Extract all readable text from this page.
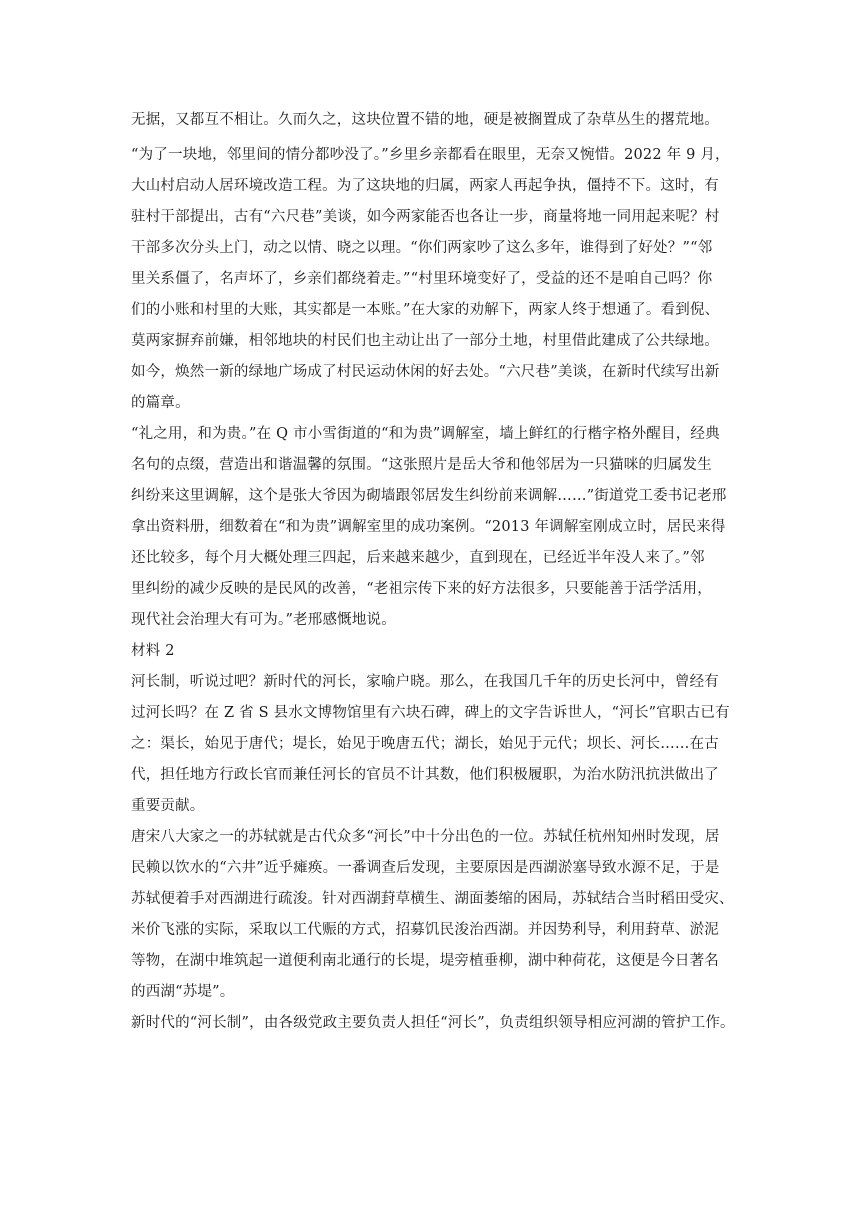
无据，又都互不相让。久而久之，这块位置不错的地，硬是被搁置成了杂草丛生的撂荒地。
“为了一块地，邻里间的情分都吵没了。”乡里乡亲都看在眼里，无奈又惋惜。2022 年 9 月，
大山村启动人居环境改造工程。为了这块地的归属，两家人再起争执，僵持不下。这时，有
驻村干部提出，古有“六尺巷”美谈，如今两家能否也各让一步，商量将地一同用起来呢？村
干部多次分头上门，动之以情、晓之以理。“你们两家吵了这么多年，谁得到了好处？”“邻
里关系僵了，名声坏了，乡亲们都绕着走。”“村里环境变好了，受益的还不是咱自己吗？你
们的小账和村里的大账，其实都是一本账。”在大家的劝解下，两家人终于想通了。看到倪、
莫两家摒弃前嫌，相邻地块的村民们也主动让出了一部分土地，村里借此建成了公共绿地。
如今，焕然一新的绿地广场成了村民运动休闲的好去处。“六尺巷”美谈，在新时代续写出新
的篇章。
“礼之用，和为贵。”在 Q 市小雪街道的“和为贵”调解室，墙上鲜红的行楷字格外醒目，经典
名句的点缀，营造出和谐温馨的氛围。“这张照片是岳大爷和他邻居为一只猫咪的归属发生
纠纷来这里调解，这个是张大爷因为砌墙跟邻居发生纠纷前来调解……”街道党工委书记老邢
拿出资料册，细数着在“和为贵”调解室里的成功案例。“2013 年调解室刚成立时，居民来得
还比较多，每个月大概处理三四起，后来越来越少，直到现在，已经近半年没人来了。”邻
里纠纷的减少反映的是民风的改善，“老祖宗传下来的好方法很多，只要能善于活学活用，
现代社会治理大有可为。”老邢感慨地说。
材料 2
河长制，听说过吧？新时代的河长，家喻户晓。那么，在我国几千年的历史长河中，曾经有
过河长吗？在 Z 省 S 县水文博物馆里有六块石碑，碑上的文字告诉世人，“河长”官职古已有
之：渠长，始见于唐代；堤长，始见于晚唐五代；湖长，始见于元代；坝长、河长……在古
代，担任地方行政长官而兼任河长的官员不计其数，他们积极履职，为治水防汛抗洪做出了
重要贡献。
唐宋八大家之一的苏轼就是古代众多“河长”中十分出色的一位。苏轼任杭州知州时发现，居
民赖以饮水的“六井”近乎瘫痪。一番调查后发现，主要原因是西湖淤塞导致水源不足，于是
苏轼便着手对西湖进行疏浚。针对西湖葑草横生、湖面萎缩的困局，苏轼结合当时稻田受灾、
米价飞涨的实际，采取以工代赈的方式，招募饥民浚治西湖。并因势利导，利用葑草、淤泥
等物，在湖中堆筑起一道便利南北通行的长堤，堤旁植垂柳，湖中种荷花，这便是今日著名
的西湖“苏堤”。
新时代的“河长制”，由各级党政主要负责人担任“河长”，负责组织领导相应河湖的管护工作。
